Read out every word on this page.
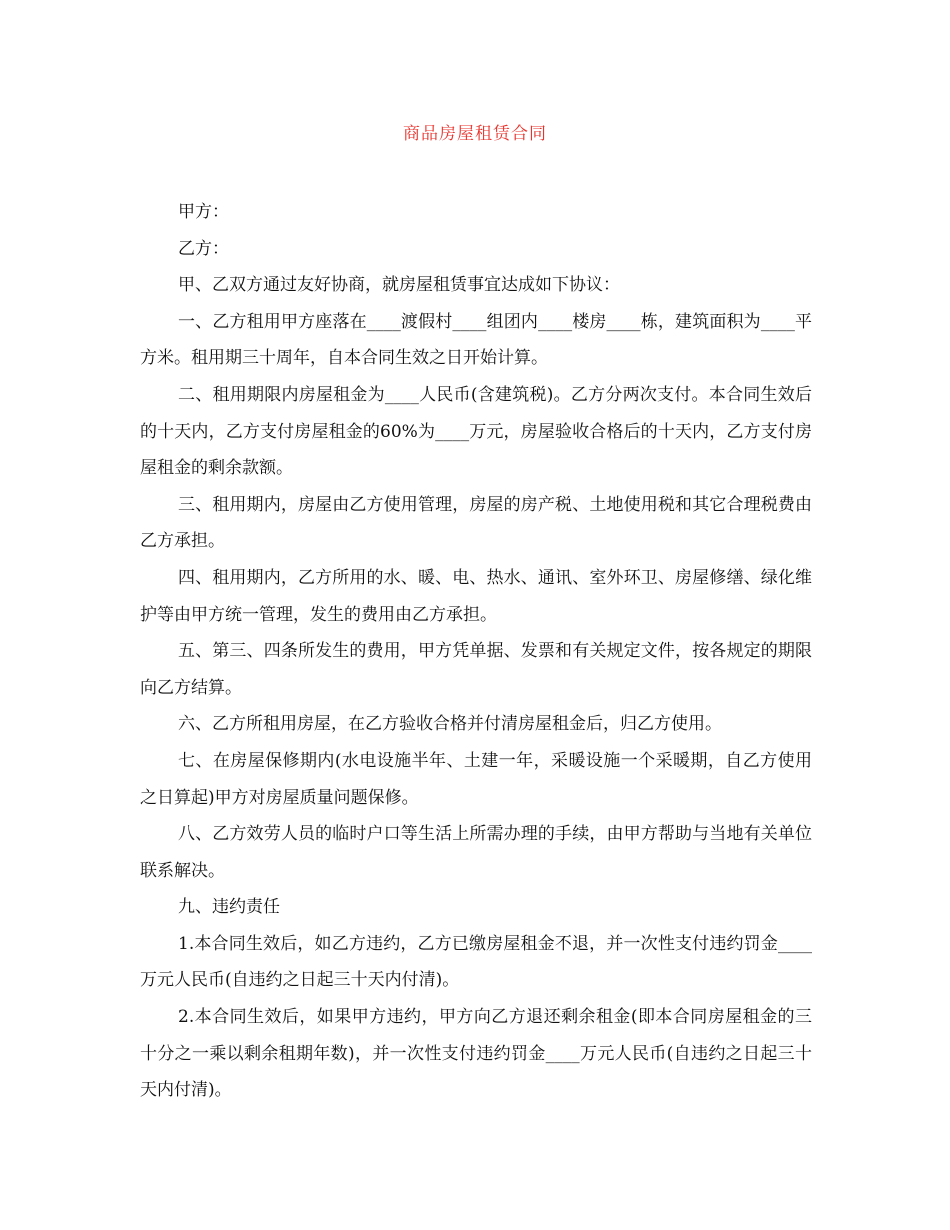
商品房屋租赁合同

甲方：

乙方：

甲、乙双方通过友好协商，就房屋租赁事宜达成如下协议：

一、乙方租用甲方座落在____渡假村____组团内____楼房____栋，建筑面积为____平方米。租用期三十周年，自本合同生效之日开始计算。

二、租用期限内房屋租金为____人民币(含建筑税)。乙方分两次支付。本合同生效后的十天内，乙方支付房屋租金的60%为____万元，房屋验收合格后的十天内，乙方支付房屋租金的剩余款额。

三、租用期内，房屋由乙方使用管理，房屋的房产税、土地使用税和其它合理税费由乙方承担。

四、租用期内，乙方所用的水、暖、电、热水、通讯、室外环卫、房屋修缮、绿化维护等由甲方统一管理，发生的费用由乙方承担。

五、第三、四条所发生的费用，甲方凭单据、发票和有关规定文件，按各规定的期限向乙方结算。

六、乙方所租用房屋，在乙方验收合格并付清房屋租金后，归乙方使用。

七、在房屋保修期内(水电设施半年、土建一年，采暖设施一个采暖期，自乙方使用之日算起)甲方对房屋质量问题保修。

八、乙方效劳人员的临时户口等生活上所需办理的手续，由甲方帮助与当地有关单位联系解决。

九、违约责任

1.本合同生效后，如乙方违约，乙方已缴房屋租金不退，并一次性支付违约罚金____万元人民币(自违约之日起三十天内付清)。

2.本合同生效后，如果甲方违约，甲方向乙方退还剩余租金(即本合同房屋租金的三十分之一乘以剩余租期年数)，并一次性支付违约罚金____万元人民币(自违约之日起三十天内付清)。
